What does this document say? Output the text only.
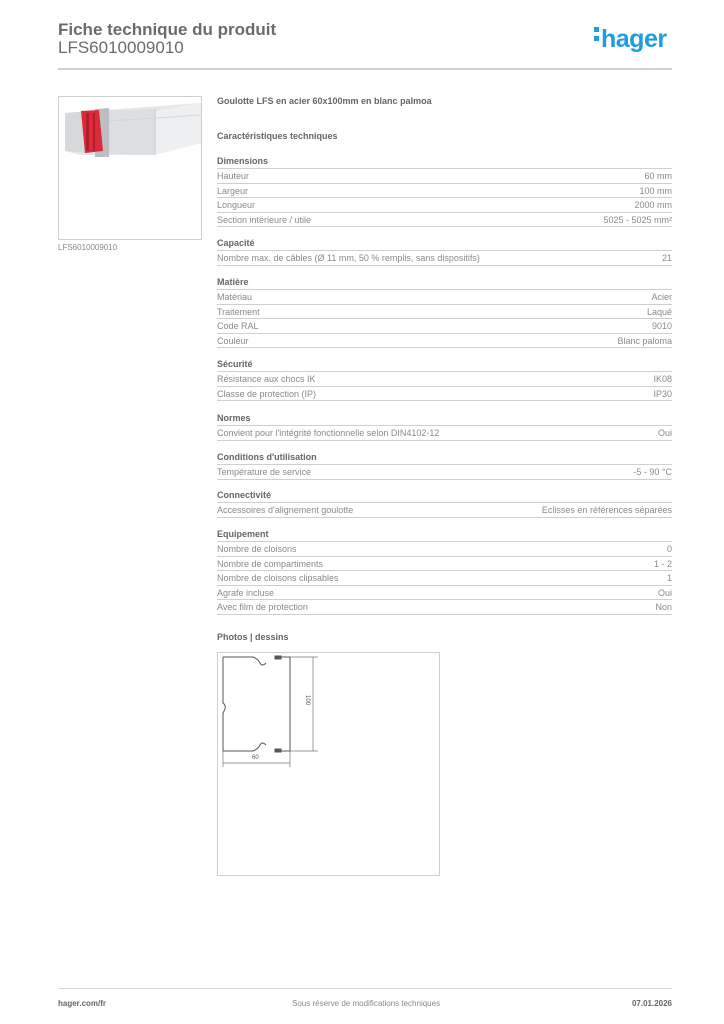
Fiche technique du produit
LFS6010009010	hager
LFS6010009010
Goulotte LFS en acier 60x100mm en blanc palmoa
Caractéristiques techniques
Dimensions
Hauteur	60 mm
Largeur	100 mm
Longueur	2000 mm
Section intérieure / utile	5025 - 5025 mm²
Capacité
Nombre max. de câbles (Ø 11 mm, 50 % remplis, sans dispositifs)	21
Matière
Matériau	Acier
Traitement	Laqué
Code RAL	9010
Couleur	Blanc paloma
Sécurité
Résistance aux chocs IK	IK08
Classe de protection (IP)	IP30
Normes
Convient pour l'intégrité fonctionnelle selon DIN4102-12	Oui
Conditions d'utilisation
Température de service	-5 - 90 °C
Connectivité
Accessoires d'alignement goulotte	Eclisses en références séparées
Equipement
Nombre de cloisons	0
Nombre de compartiments	1 - 2
Nombre de cloisons clipsables	1
Agrafe incluse	Oui
Avec film de protection	Non
Photos | dessins
100
60
hager.com/fr	Sous réserve de modifications techniques	07.01.2026
